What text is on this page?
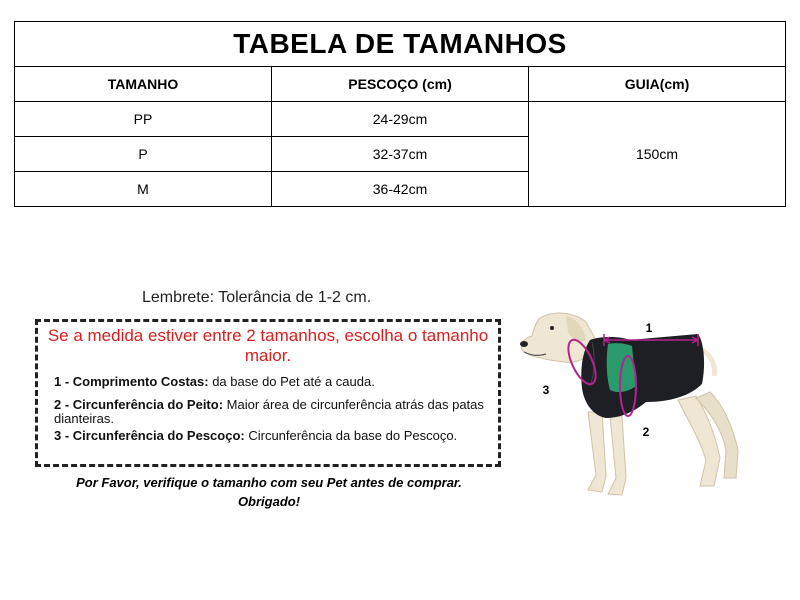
TABELA DE TAMANHOS		
TAMANHO	PESCOÇO (cm)	GUIA(cm)
PP	24-29cm	150cm
P	32-37cm	
M	36-42cm	
Lembrete: Tolerância de 1-2 cm.
Se a medida estiver entre 2 tamanhos, escolha o tamanho maior.
1 - Comprimento Costas: da base do Pet até a cauda.
2 - Circunferência do Peito: Maior área de circunferência atrás das patas dianteiras.
3 - Circunferência do Pescoço: Circunferência da base do Pescoço.
Por Favor, verifique o tamanho com seu Pet antes de comprar.
Obrigado!
1
2
3
